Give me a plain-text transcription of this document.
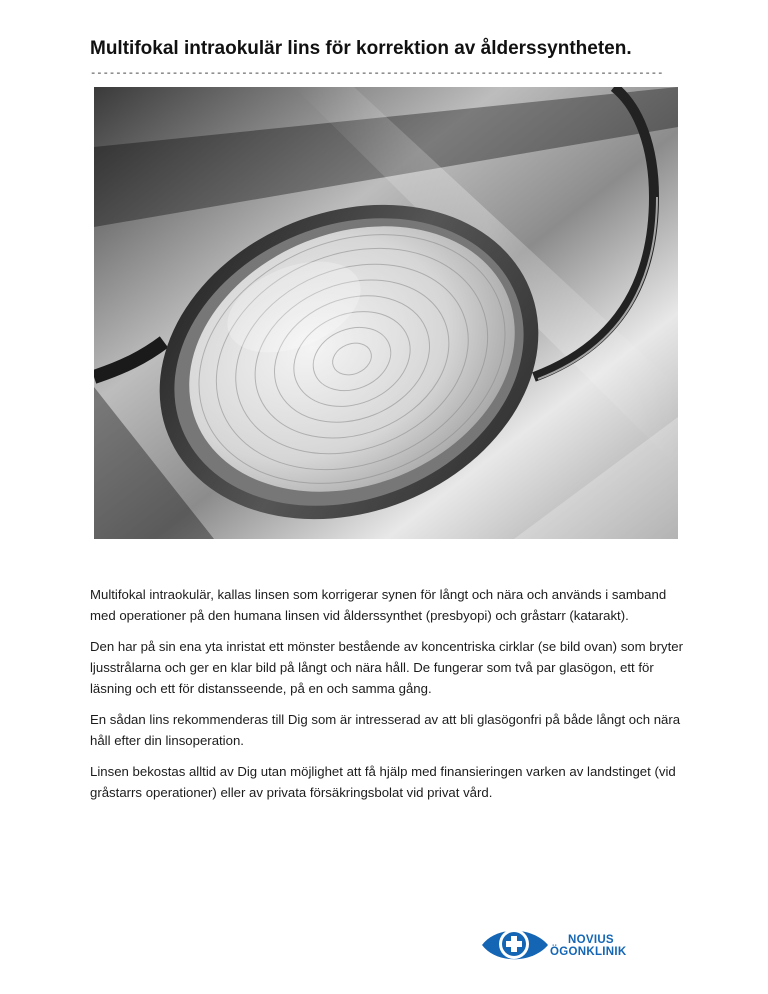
Multifokal intraokulär lins för korrektion av ålderssyntheten.
-------------------------------------------------------------------------------------------

Multifokal intraokulär, kallas linsen som korrigerar synen för långt och nära och används i samband med operationer på den humana linsen vid ålderssynthet (presbyopi) och gråstarr (katarakt).

Den har på sin ena yta inristat ett mönster bestående av koncentriska cirklar (se bild ovan) som bryter ljusstrålarna och ger en klar bild på långt och nära håll. De fungerar som två par glasögon, ett för läsning och ett för distansseende, på en och samma gång.

En sådan lins rekommenderas till Dig som är intresserad av att bli glasögonfri på både långt och nära håll efter din linsoperation.

Linsen bekostas alltid av Dig utan möjlighet att få hjälp med finansieringen varken av landstinget (vid gråstarrs operationer) eller av privata försäkringsbolat vid privat vård.

NOVIUS
ÖGONKLINIK
